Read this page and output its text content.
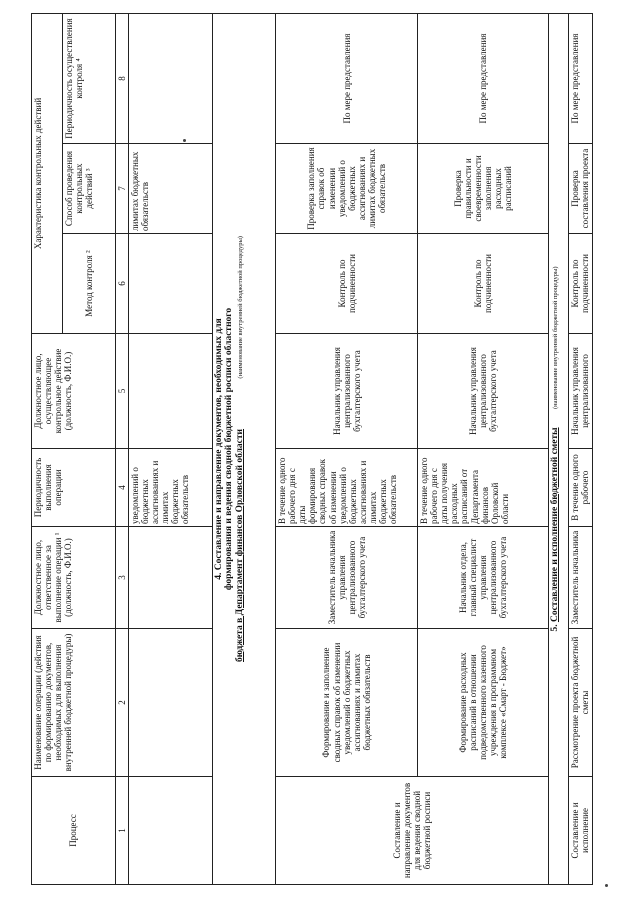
Процесс	Наименование операции (действия по формированию документов, необходимых для выполнения внутренней бюджетной процедуры)	Должностное лицо, ответственное за выполнение операции ¹ (должность, Ф.И.О.)	Периодичность выполнения операции	Должностное лицо, осуществляющее контрольное действие (должность, Ф.И.О.)	Характеристика контрольных действий		
					Метод контроля ²	Способ проведения контрольных действий ³	Периодичность осуществления контроля ⁴
1	2	3	4	5	6	7	8
			уведомлений о бюджетных ассигнованиях и лимитах бюджетных обязательств			лимитах бюджетных обязательств	
4. Составление и направление документов, необходимых для
формирования и ведения сводной бюджетной росписи областного
бюджета в Департамент финансов Орловской области (наименование внутренней бюджетной процедуры)							
Составление и направление документов для ведения сводной бюджетной росписи	Формирование и заполнение сводных справок об изменении уведомлений о бюджетных ассигнованиях и лимитах бюджетных обязательств	Заместитель начальника управления централизованного бухгалтерского учета	В течение одного рабочего дня с даты формирования сводных справок об изменении уведомлений о бюджетных ассигнованиях и лимитах бюджетных обязательств	Начальник управления централизованного бухгалтерского учета	Контроль по подчиненности	Проверка заполнения справок об изменении уведомлений о бюджетных ассигнованиях и лимитах бюджетных обязательств	По мере представления
	Формирование расходных расписаний в отношении подведомственного казенного учреждения в программном комплексе «Смарт - Бюджет»	Начальник отдела, главный специалист управления централизованного бухгалтерского учета	В течение одного рабочего дня с даты получения расходных расписаний от Департамента финансов Орловской области	Начальник управления централизованного бухгалтерского учета	Контроль по подчиненности	Проверка правильности и своевременности заполнения расходных расписаний	По мере представления
5. Составление и исполнение бюджетной сметы (наименование внутренней бюджетной процедуры)							
Составление и исполнение	Рассмотрение проекта бюджетной сметы	Заместитель начальника	В течение одного рабочего	Начальник управления централизованного	Контроль по подчиненности	Проверка составления проекта	По мере представления
